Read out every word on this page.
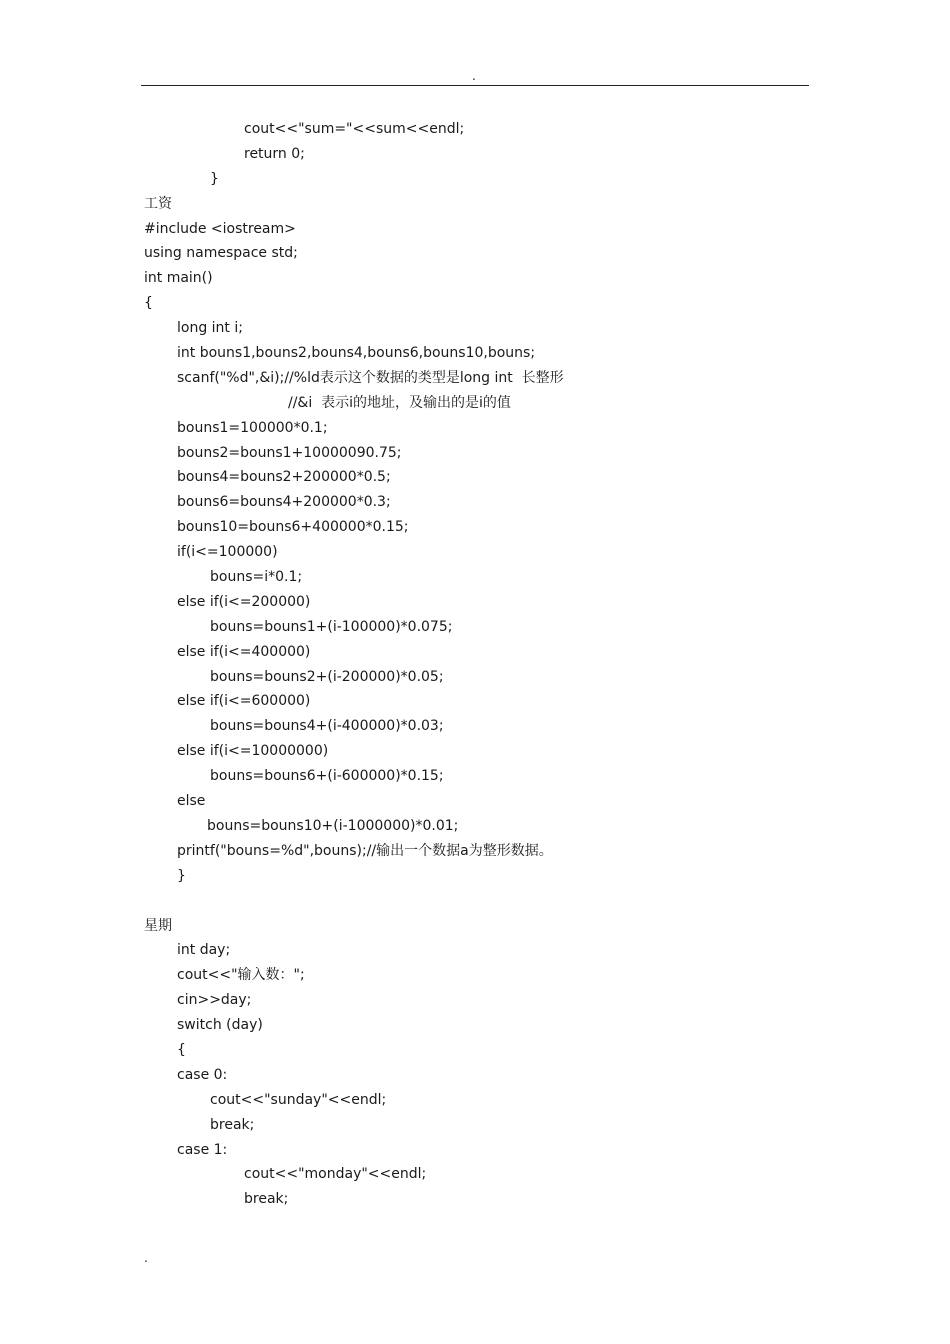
.
cout<<"sum="<<sum<<endl;
return 0;
}
工资
#include <iostream>
using namespace std;
int main()
{
long int i;
int bouns1,bouns2,bouns4,bouns6,bouns10,bouns;
scanf("%d",&i);//%ld表示这个数据的类型是long int  长整形
//&i  表示i的地址，及输出的是i的值
bouns1=100000*0.1;
bouns2=bouns1+10000090.75;
bouns4=bouns2+200000*0.5;
bouns6=bouns4+200000*0.3;
bouns10=bouns6+400000*0.15;
if(i<=100000)
bouns=i*0.1;
else if(i<=200000)
bouns=bouns1+(i-100000)*0.075;
else if(i<=400000)
bouns=bouns2+(i-200000)*0.05;
else if(i<=600000)
bouns=bouns4+(i-400000)*0.03;
else if(i<=10000000)
bouns=bouns6+(i-600000)*0.15;
else
bouns=bouns10+(i-1000000)*0.01;
printf("bouns=%d",bouns);//输出一个数据a为整形数据。
}
星期
int day;
cout<<"输入数：";
cin>>day;
switch (day)
{
case 0:
cout<<"sunday"<<endl;
break;
case 1:
cout<<"monday"<<endl;
break;
.
